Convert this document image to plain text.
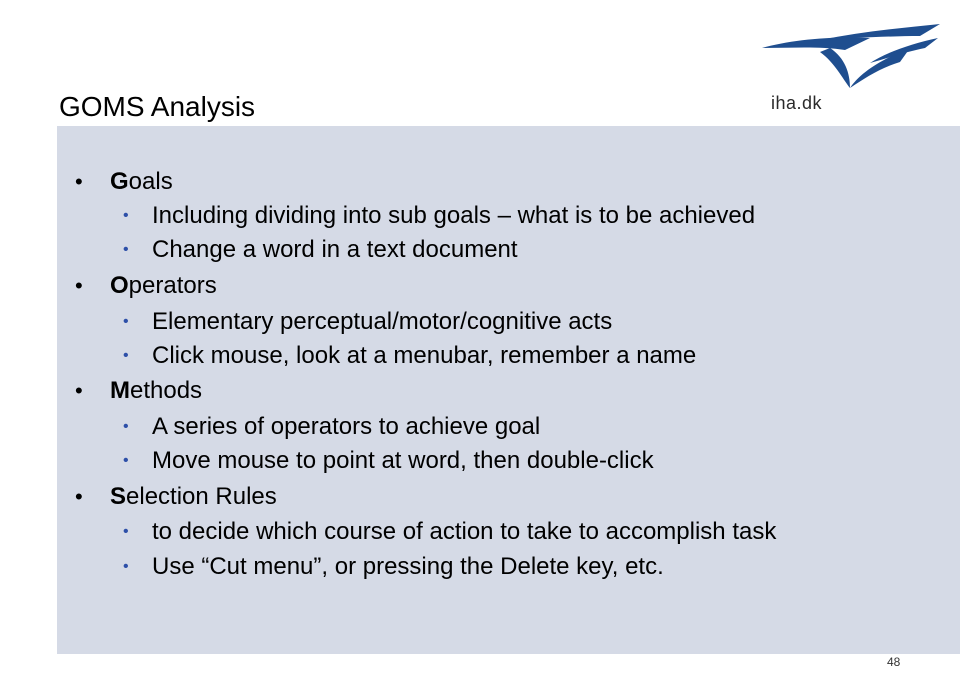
GOMS Analysis	iha.dk
• Goals
• Including dividing into sub goals – what is to be achieved
• Change a word in a text document
• Operators
• Elementary perceptual/motor/cognitive acts
• Click mouse, look at a menubar, remember a name
• Methods
• A series of operators to achieve goal
• Move mouse to point at word, then double-click
• Selection Rules
• to decide which course of action to take to accomplish task
• Use “Cut menu”, or pressing the Delete key, etc.
48
